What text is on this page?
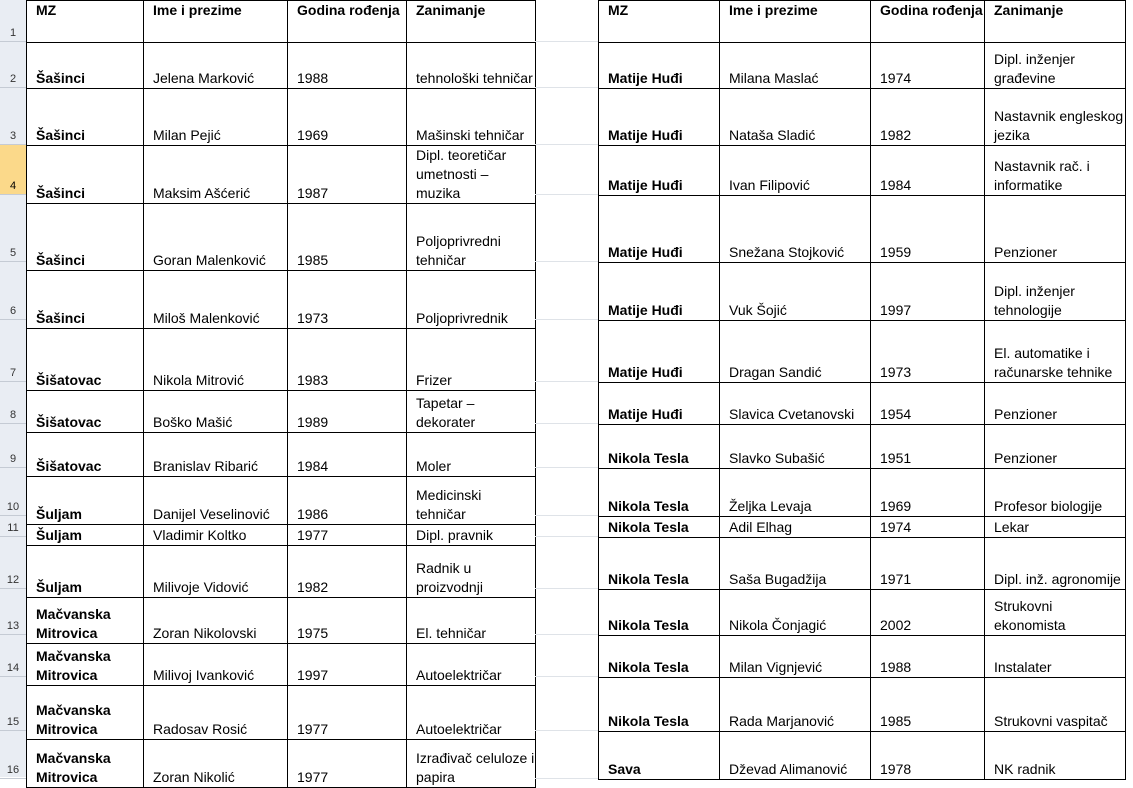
1
2
3
4
5
6
7
8
9
10
11
12
13
14
15
16
MZ	Ime i prezime	Godina rođenja	Zanimanje
Šašinci	Jelena Marković	1988	tehnološki tehničar
Šašinci	Milan Pejić	1969	Mašinski tehničar
Šašinci	Maksim Ašćerić	1987	Dipl. teoretičar umetnosti – muzika
Šašinci	Goran Malenković	1985	Poljoprivredni tehničar
Šašinci	Miloš Malenković	1973	Poljoprivrednik
Šišatovac	Nikola Mitrović	1983	Frizer
Šišatovac	Boško Mašić	1989	Tapetar – dekorater
Šišatovac	Branislav Ribarić	1984	Moler
Šuljam	Danijel Veselinović	1986	Medicinski tehničar
Šuljam	Vladimir Koltko	1977	Dipl. pravnik
Šuljam	Milivoje Vidović	1982	Radnik u proizvodnji
Mačvanska Mitrovica	Zoran Nikolovski	1975	El. tehničar
Mačvanska Mitrovica	Milivoj Ivanković	1997	Autoelektričar
Mačvanska Mitrovica	Radosav Rosić	1977	Autoelektričar
Mačvanska Mitrovica	Zoran Nikolić	1977	Izrađivač celuloze i papira
MZ	Ime i prezime	Godina rođenja	Zanimanje
Matije Huđi	Milana Maslać	1974	Dipl. inženjer građevine
Matije Huđi	Nataša Sladić	1982	Nastavnik engleskog jezika
Matije Huđi	Ivan Filipović	1984	Nastavnik rač. i informatike
Matije Huđi	Snežana Stojković	1959	Penzioner
Matije Huđi	Vuk Šojić	1997	Dipl. inženjer tehnologije
Matije Huđi	Dragan Sandić	1973	El. automatike i računarske tehnike
Matije Huđi	Slavica Cvetanovski	1954	Penzioner
Nikola Tesla	Slavko Subašić	1951	Penzioner
Nikola Tesla	Željka Levaja	1969	Profesor biologije
Nikola Tesla	Adil Elhag	1974	Lekar
Nikola Tesla	Saša Bugadžija	1971	Dipl. inž. agronomije
Nikola Tesla	Nikola Čonjagić	2002	Strukovni ekonomista
Nikola Tesla	Milan Vignjević	1988	Instalater
Nikola Tesla	Rada Marjanović	1985	Strukovni vaspitač
Sava	Dževad Alimanović	1978	NK radnik
